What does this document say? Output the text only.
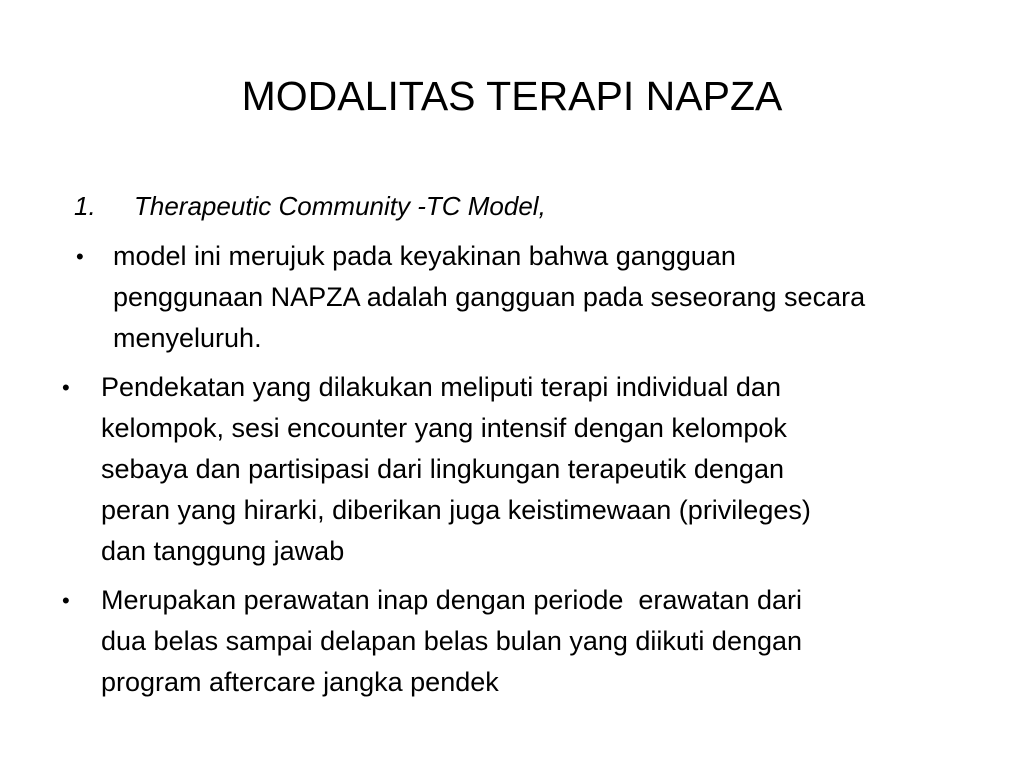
MODALITAS TERAPI NAPZA
1. Therapeutic Community -TC Model,
• model ini merujuk pada keyakinan bahwa gangguan
penggunaan NAPZA adalah gangguan pada seseorang secara
menyeluruh.
• Pendekatan yang dilakukan meliputi terapi individual dan
kelompok, sesi encounter yang intensif dengan kelompok
sebaya dan partisipasi dari lingkungan terapeutik dengan
peran yang hirarki, diberikan juga keistimewaan (privileges)
dan tanggung jawab
• Merupakan perawatan inap dengan periode  erawatan dari
dua belas sampai delapan belas bulan yang diikuti dengan
program aftercare jangka pendek
